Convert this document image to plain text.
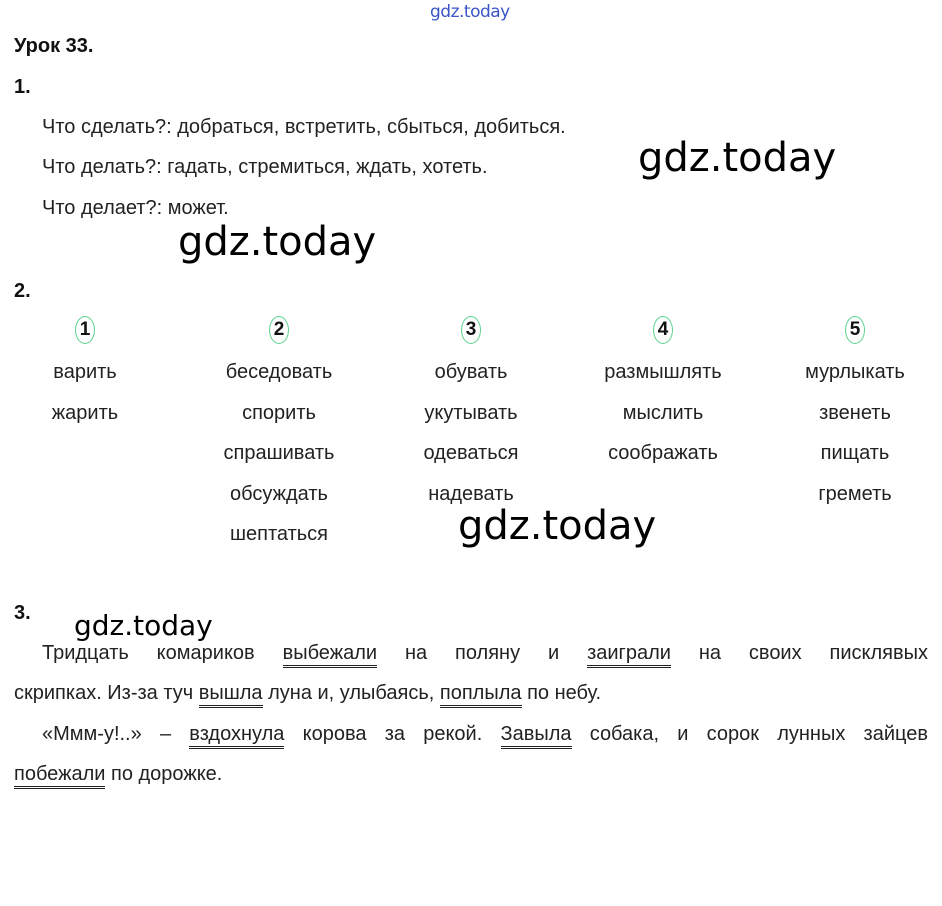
gdz.today
Урок 33.
1.
Что сделать?: добраться, встретить, сбыться, добиться.
Что делать?: гадать, стремиться, ждать, хотеть.
Что делает?: может.
gdz.today
gdz.today
2.
1
варить
жарить
2
беседовать
спорить
спрашивать
обсуждать
шептаться
3
обувать
укутывать
одеваться
надевать
4
размышлять
мыслить
соображать
5
мурлыкать
звенеть
пищать
греметь
gdz.today
3. gdz.today
Тридцать комариков выбежали на поляну и заиграли на своих писклявых
скрипках. Из-за туч вышла луна и, улыбаясь, поплыла по небу.
«Ммм-у!..» – вздохнула корова за рекой. Завыла собака, и сорок лунных зайцев
побежали по дорожке.
